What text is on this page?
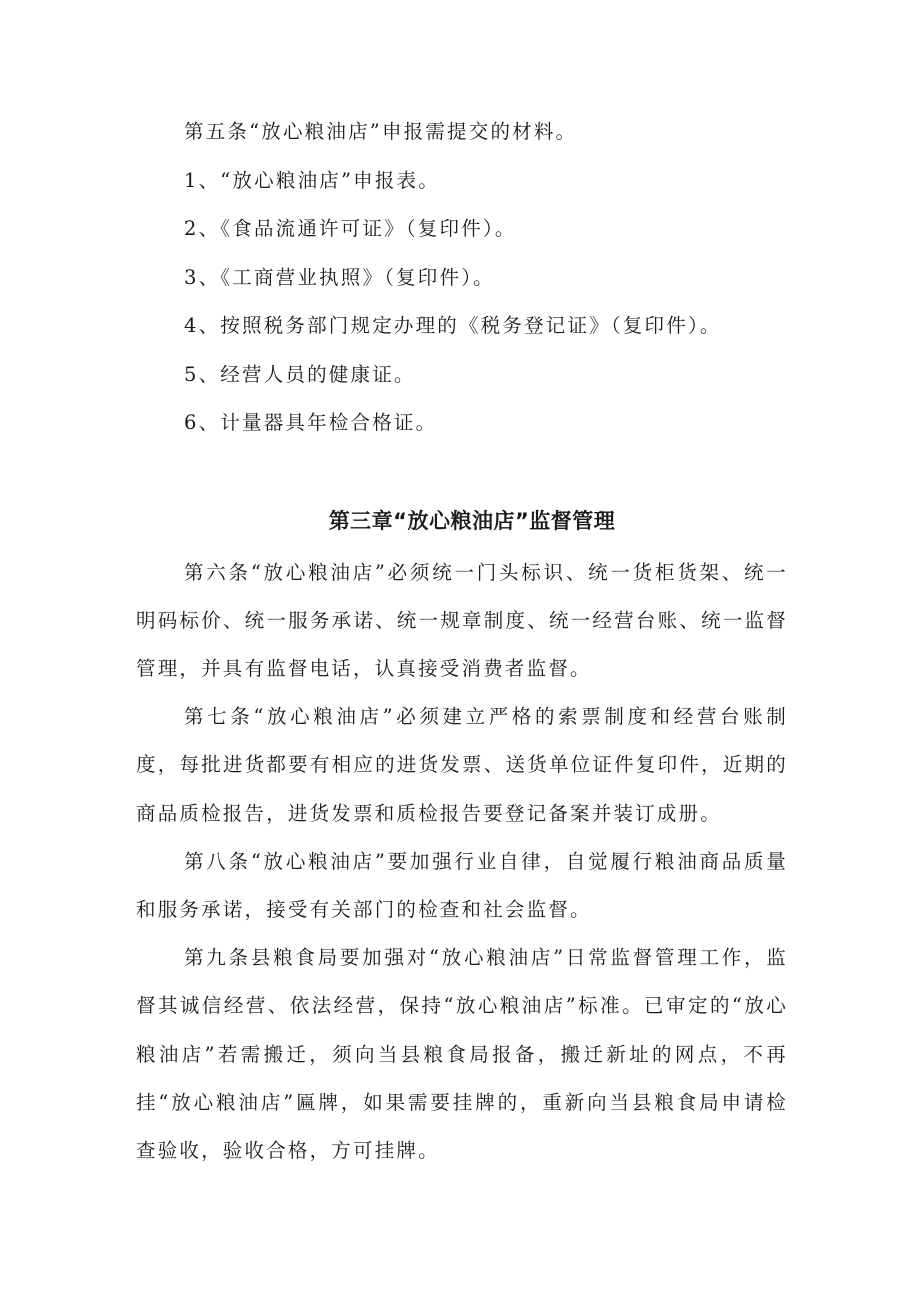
第五条“放心粮油店”申报需提交的材料。

1、“放心粮油店”申报表。

2、《食品流通许可证》（复印件）。

3、《工商营业执照》（复印件）。

4、按照税务部门规定办理的《税务登记证》（复印件）。

5、经营人员的健康证。

6、计量器具年检合格证。

第三章“放心粮油店”监督管理

第六条“放心粮油店”必须统一门头标识、统一货柜货架、统一明码标价、统一服务承诺、统一规章制度、统一经营台账、统一监督管理，并具有监督电话，认真接受消费者监督。

第七条“放心粮油店”必须建立严格的索票制度和经营台账制度，每批进货都要有相应的进货发票、送货单位证件复印件，近期的商品质检报告，进货发票和质检报告要登记备案并装订成册。

第八条“放心粮油店”要加强行业自律，自觉履行粮油商品质量和服务承诺，接受有关部门的检查和社会监督。

第九条县粮食局要加强对“放心粮油店”日常监督管理工作，监督其诚信经营、依法经营，保持“放心粮油店”标准。已审定的“放心粮油店”若需搬迁，须向当县粮食局报备，搬迁新址的网点，不再挂“放心粮油店”匾牌，如果需要挂牌的，重新向当县粮食局申请检查验收，验收合格，方可挂牌。
